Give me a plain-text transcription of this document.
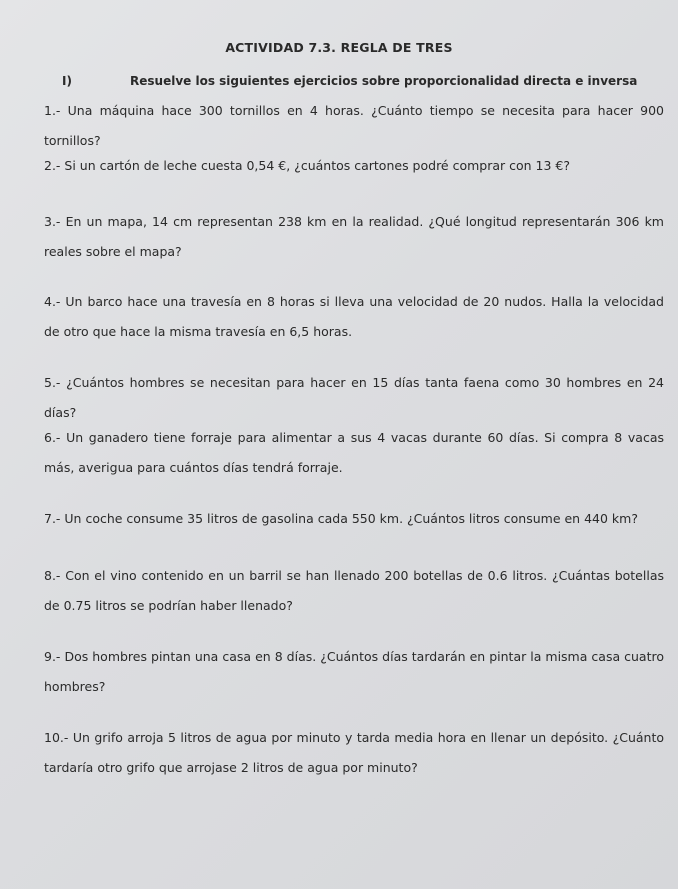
ACTIVIDAD 7.3. REGLA DE TRES
I)	Resuelve los siguientes ejercicios sobre proporcionalidad directa e inversa
1.- Una máquina hace 300 tornillos en 4 horas. ¿Cuánto tiempo se necesita para hacer 900 tornillos?
2.- Si un cartón de leche cuesta 0,54 €, ¿cuántos cartones podré comprar con 13 €?
3.- En un mapa, 14 cm representan 238 km en la realidad. ¿Qué longitud representarán 306 km reales sobre el mapa?
4.- Un barco hace una travesía en 8 horas si lleva una velocidad de 20 nudos. Halla la velocidad de otro que hace la misma travesía en 6,5 horas.
5.- ¿Cuántos hombres se necesitan para hacer en 15 días tanta faena como 30 hombres en 24 días?
6.- Un ganadero tiene forraje para alimentar a sus 4 vacas durante 60 días. Si compra 8 vacas más, averigua para cuántos días tendrá forraje.
7.- Un coche consume 35 litros de gasolina cada 550 km. ¿Cuántos litros consume en 440 km?
8.- Con el vino contenido en un barril se han llenado 200 botellas de 0.6 litros. ¿Cuántas botellas de 0.75 litros se podrían haber llenado?
9.- Dos hombres pintan una casa en 8 días. ¿Cuántos días tardarán en pintar la misma casa cuatro hombres?
10.- Un grifo arroja 5 litros de agua por minuto y tarda media hora en llenar un depósito. ¿Cuánto tardaría otro grifo que arrojase 2 litros de agua por minuto?
